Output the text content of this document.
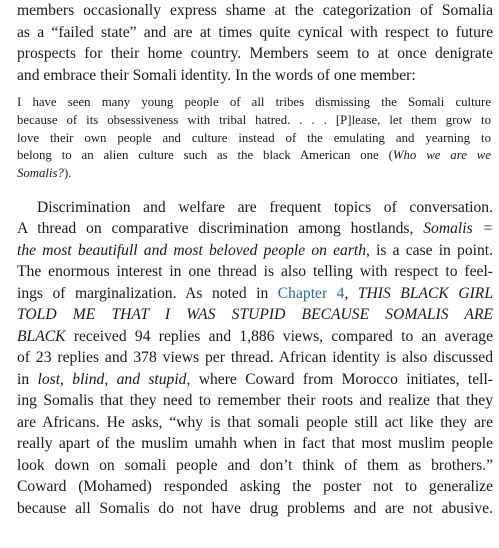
members occasionally express shame at the categorization of Somalia
as a “failed state” and are at times quite cynical with respect to future
prospects for their home country. Members seem to at once denigrate
and embrace their Somali identity. In the words of one member:
I have seen many young people of all tribes dismissing the Somali culture
because of its obsessiveness with tribal hatred. . . . [P]lease, let them grow to
love their own people and culture instead of the emulating and yearning to
belong to an alien culture such as the black American one (Who we are we
Somalis?).
Discrimination and welfare are frequent topics of conversation.
A thread on comparative discrimination among hostlands, Somalis =
the most beautifull and most beloved people on earth, is a case in point.
The enormous interest in one thread is also telling with respect to feel-
ings of marginalization. As noted in Chapter 4, THIS BLACK GIRL
TOLD ME THAT I WAS STUPID BECAUSE SOMALIS ARE
BLACK received 94 replies and 1,886 views, compared to an average
of 23 replies and 378 views per thread. African identity is also discussed
in lost, blind, and stupid, where Coward from Morocco initiates, tell-
ing Somalis that they need to remember their roots and realize that they
are Africans. He asks, “why is that somali people still act like they are
really apart of the muslim umahh when in fact that most muslim people
look down on somali people and don’t think of them as brothers.”
Coward (Mohamed) responded asking the poster not to generalize
because all Somalis do not have drug problems and are not abusive.
